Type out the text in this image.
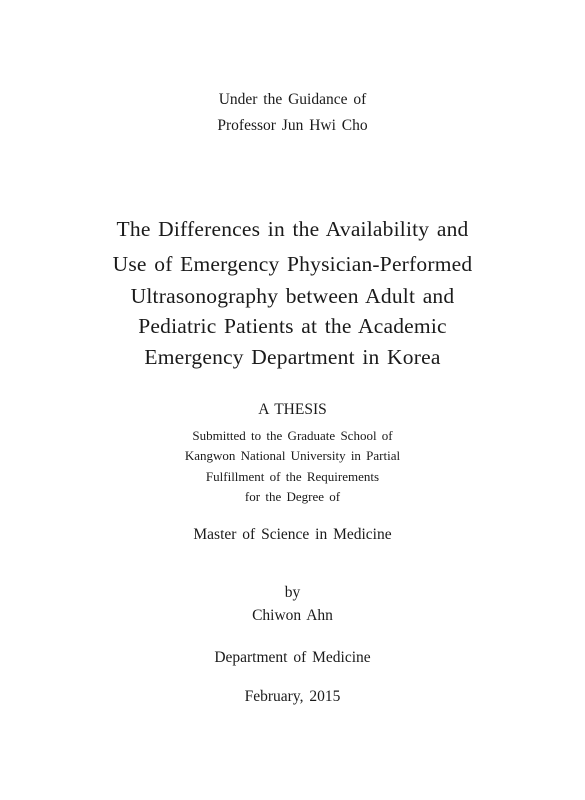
Under the Guidance of
Professor Jun Hwi Cho
The Differences in the Availability and
Use of Emergency Physician-Performed
Ultrasonography between Adult and
Pediatric Patients at the Academic
Emergency Department in Korea
A THESIS
Submitted to the Graduate School of
Kangwon National University in Partial
Fulfillment of the Requirements
for the Degree of
Master of Science in Medicine
by
Chiwon Ahn
Department of Medicine
February, 2015
